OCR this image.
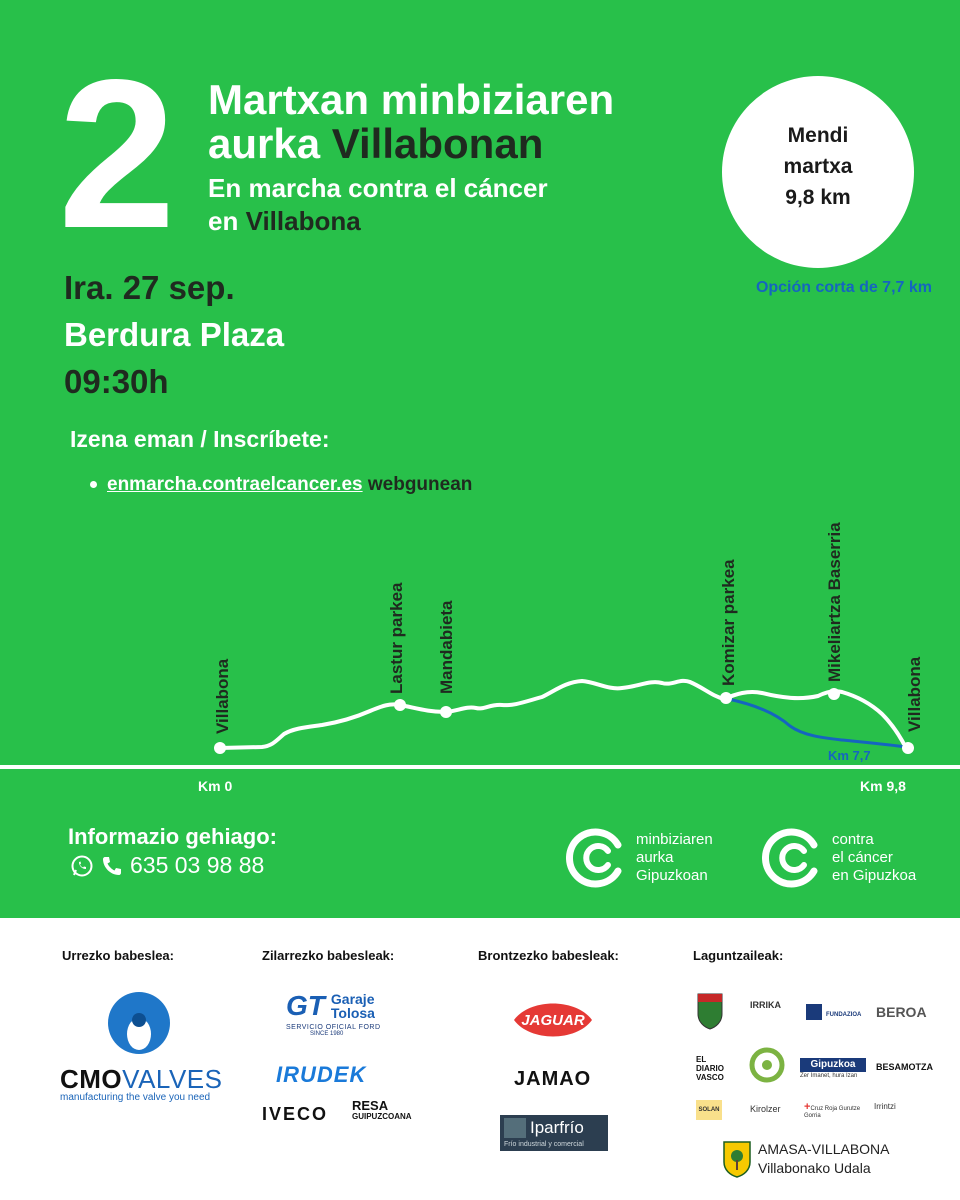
2 Martxan minbiziaren
aurka Villabonan
En marcha contra el cáncer
en Villabona
Mendi
martxa
9,8 km
Opción corta de 7,7 km
Ira. 27 sep.
Berdura Plaza
09:30h
Izena eman / Inscríbete:
enmarcha.contraelcancer.es webgunean
Villabona
Lastur parkea Mandabieta	Komizar parkea	Mikeliartza Baserria
Villabona
Km 7,7
Km 0	Km 9,8
Informazio gehiago:
635 03 98 88
minbiziaren
aurka
Gipuzkoan
contra
el cáncer
en Gipuzkoa
Urrezko babeslea:	Zilarrezko babesleak:	Brontzezko babesleak:	Laguntzaileak:
CMOVALVES
manufacturing the valve you need
GT Garaje
Tolosa
SERVICIO OFICIAL FORD
SINCE 1980
IRUDEK
IVECO RESA
GUIPUZCOANA
JAGUAR
JAMAO
Iparfrío
Frío industrial y comercial
IRRIKA
FUNDAZIOA BEROA
EL DIARIO VASCO
Gipuzkoa
Zer Imanet, hura Izan
BESAMOTZA
SOLAN	Kirolzer +Cruz Roja Gurutze Gorria
Irrintzi
AMASA-VILLABONA
Villabonako Udala
